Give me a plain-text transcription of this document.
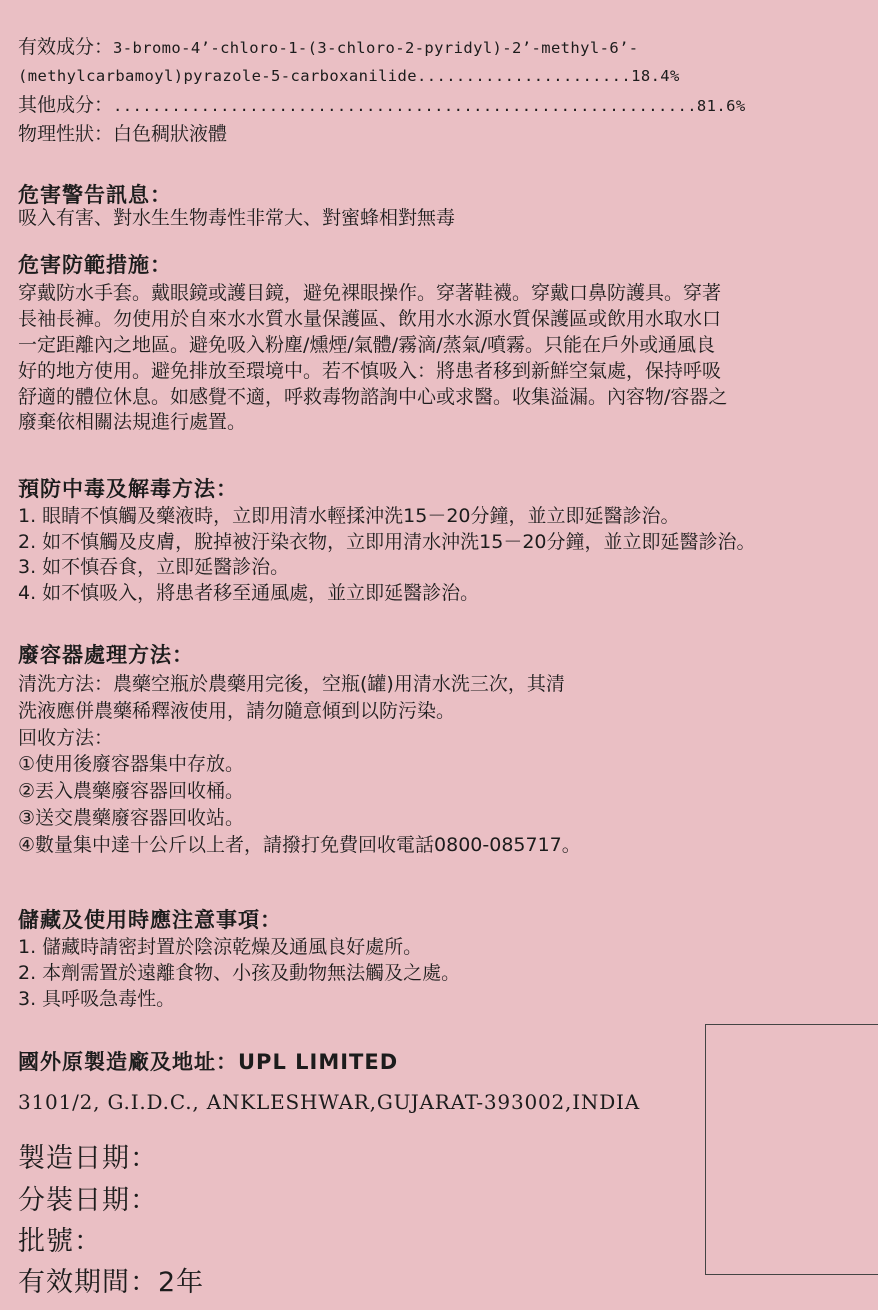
有效成分：3-bromo-4’-chloro-1-(3-chloro-2-pyridyl)-2’-methyl-6’-
(methylcarbamoyl)pyrazole-5-carboxanilide......................18.4%
其他成分：............................................................81.6%
物理性狀：白色稠狀液體
危害警告訊息：
吸入有害、對水生生物毒性非常大、對蜜蜂相對無毒
危害防範措施：
穿戴防水手套。戴眼鏡或護目鏡，避免裸眼操作。穿著鞋襪。穿戴口鼻防護具。穿著
長袖長褲。勿使用於自來水水質水量保護區、飲用水水源水質保護區或飲用水取水口
一定距離內之地區。避免吸入粉塵/燻煙/氣體/霧滴/蒸氣/噴霧。只能在戶外或通風良
好的地方使用。避免排放至環境中。若不慎吸入：將患者移到新鮮空氣處，保持呼吸
舒適的體位休息。如感覺不適，呼救毒物諮詢中心或求醫。收集溢漏。內容物/容器之
廢棄依相關法規進行處置。
預防中毒及解毒方法：
1. 眼睛不慎觸及藥液時，立即用清水輕揉沖洗15－20分鐘，並立即延醫診治。
2. 如不慎觸及皮膚，脫掉被汙染衣物，立即用清水沖洗15－20分鐘，並立即延醫診治。
3. 如不慎吞食，立即延醫診治。
4. 如不慎吸入，將患者移至通風處，並立即延醫診治。
廢容器處理方法：
清洗方法：農藥空瓶於農藥用完後，空瓶(罐)用清水洗三次，其清
洗液應併農藥稀釋液使用，請勿隨意傾到以防污染。
回收方法：
①使用後廢容器集中存放。
②丟入農藥廢容器回收桶。
③送交農藥廢容器回收站。
④數量集中達十公斤以上者，請撥打免費回收電話0800-085717。
儲藏及使用時應注意事項：
1. 儲藏時請密封置於陰涼乾燥及通風良好處所。
2. 本劑需置於遠離食物、小孩及動物無法觸及之處。
3. 具呼吸急毒性。
國外原製造廠及地址：UPL LIMITED
3101/2, G.I.D.C., ANKLESHWAR,GUJARAT-393002,INDIA
製造日期：
分裝日期：
批號：
有效期間：2年
